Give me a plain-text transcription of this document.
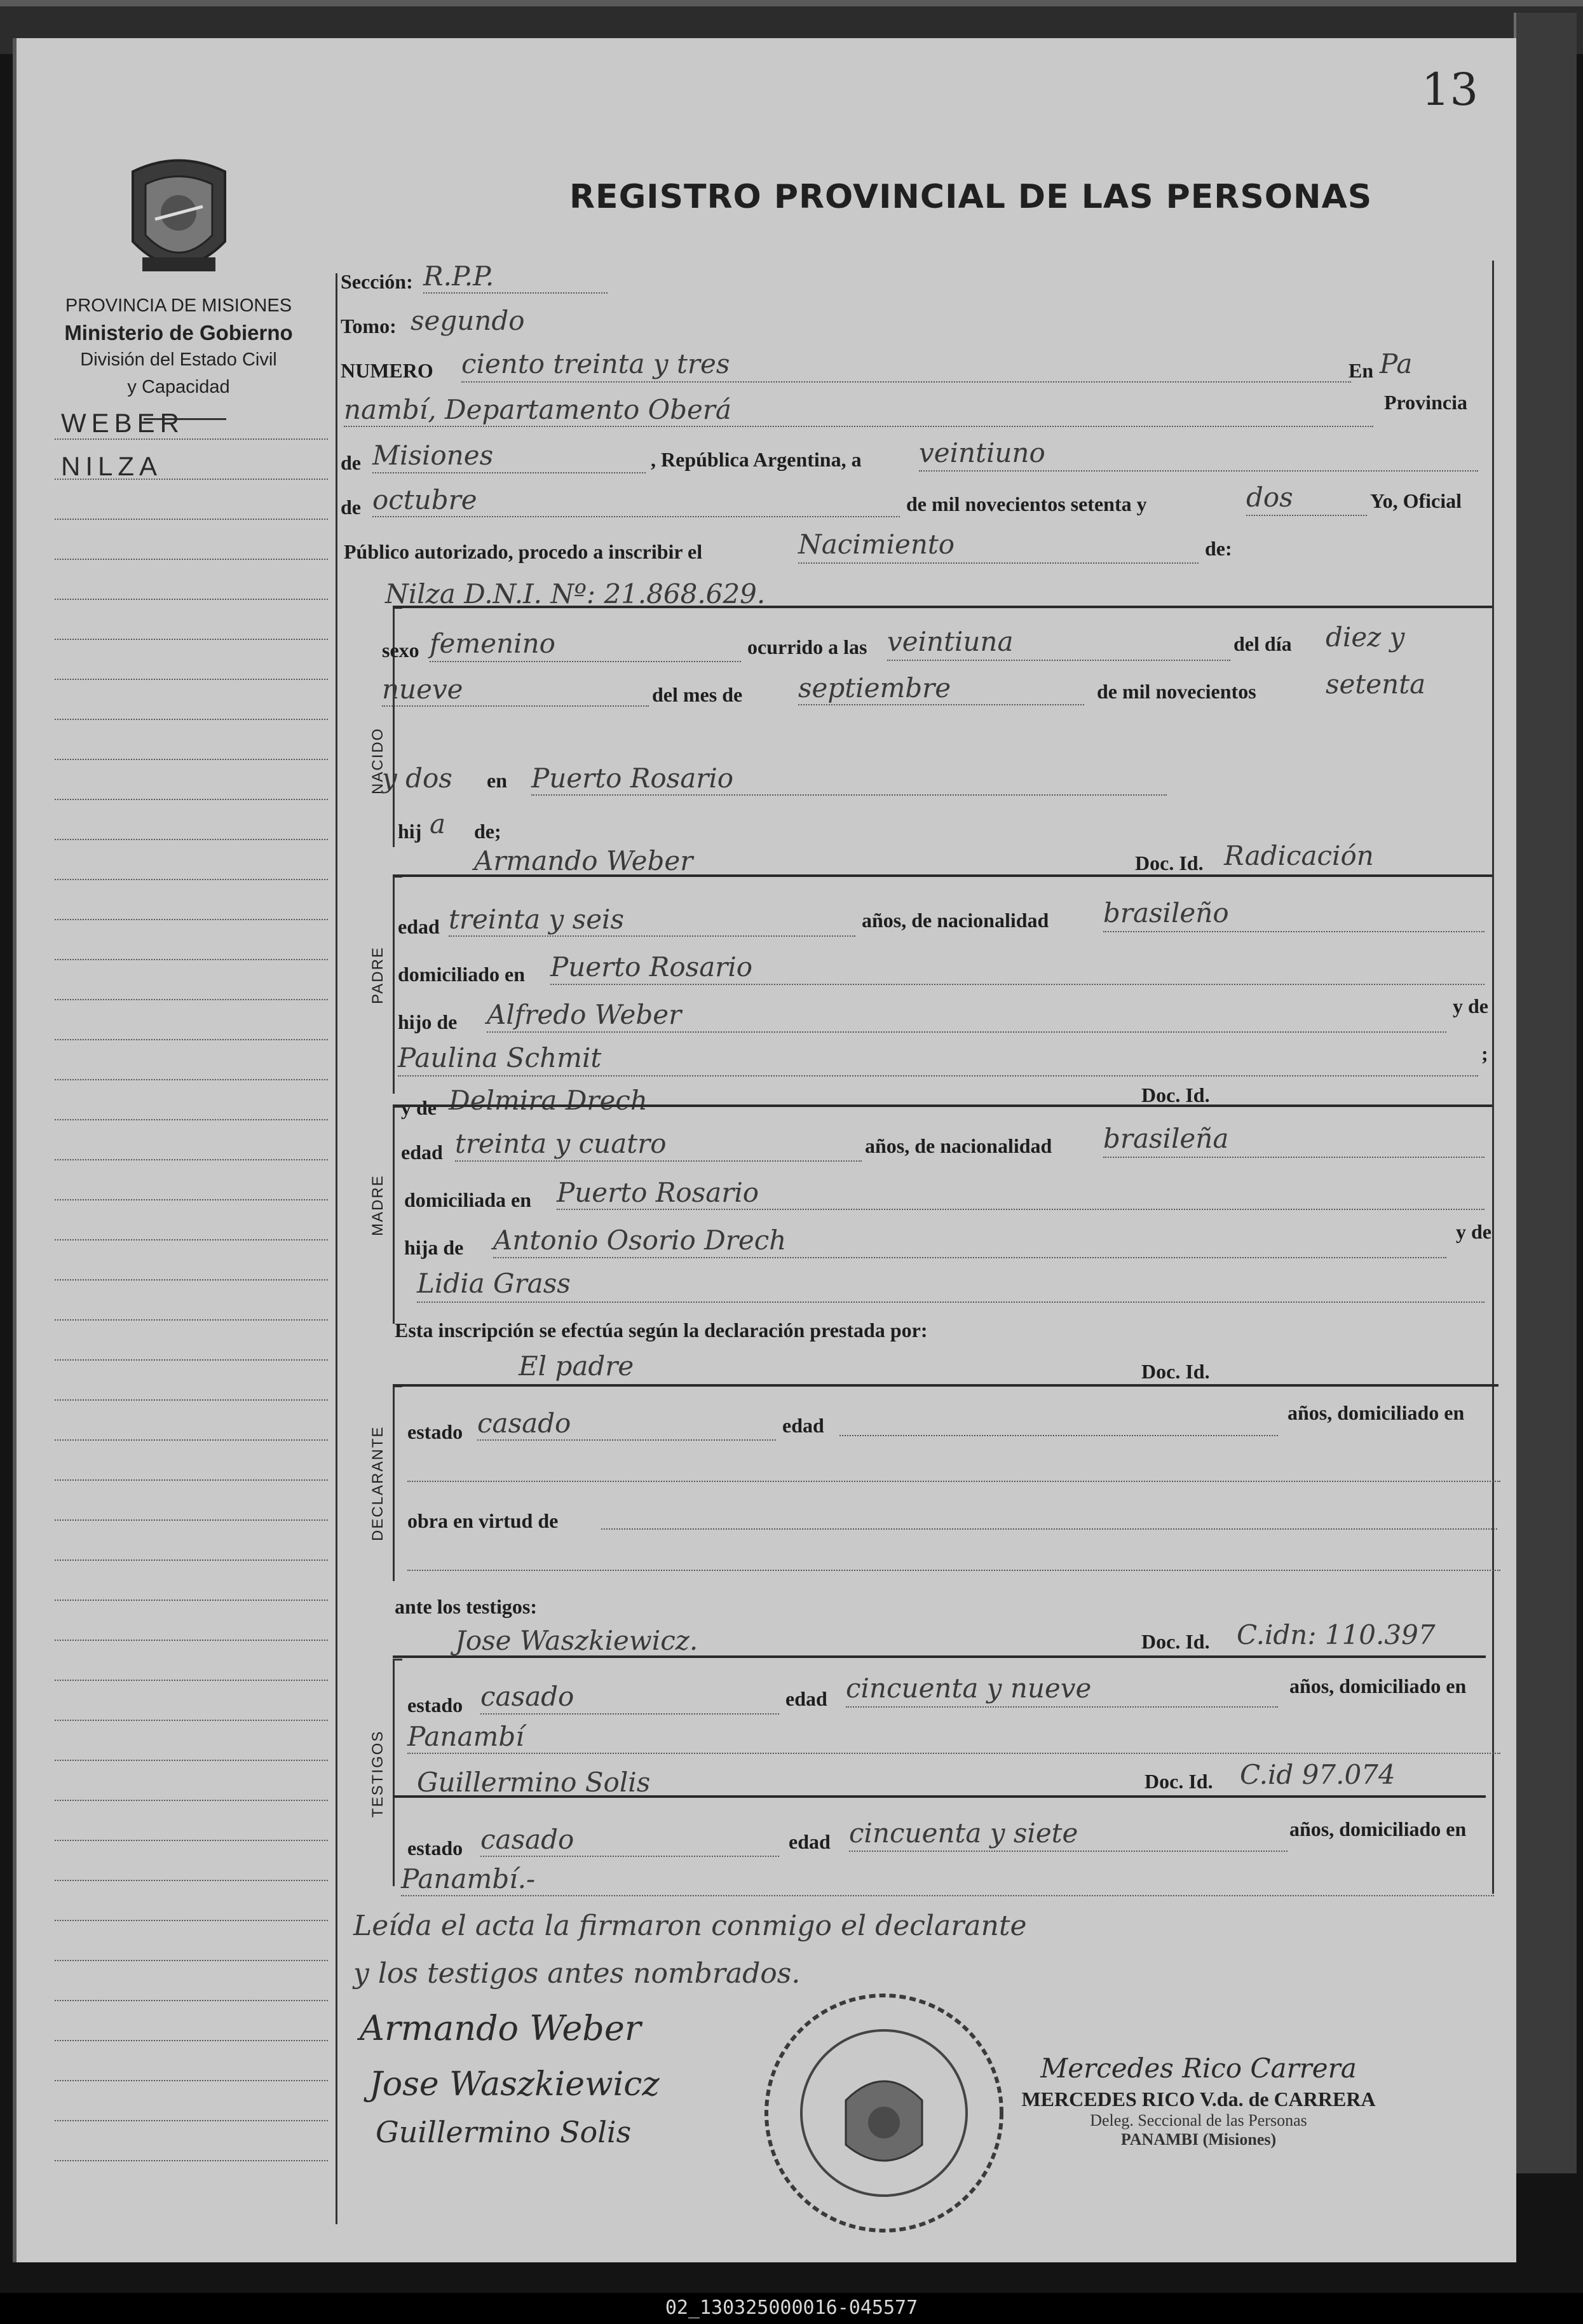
13
REGISTRO PROVINCIAL DE LAS PERSONAS
PROVINCIA DE MISIONES
Ministerio de Gobierno
División del Estado Civil
y Capacidad
WEBER
NILZA
Sección: R.P.P.
Tomo: segundo
NUMERO ciento treinta y tres	En Pa
nambí, Departamento Oberá	Provincia
de Misiones	, República Argentina, a veintiuno
de octubre	de mil novecientos setenta y	dos	Yo, Oficial
Público autorizado, procedo a inscribir el	Nacimiento	de:
NACIDO
Nilza D.N.I. Nº: 21.868.629.
sexo femenino	ocurrido a las veintiuna	del día diez y
nueve	del mes de septiembre	de mil novecientos	setenta
y dos en Puerto Rosario
hij a de;
PADRE
Armando Weber	Doc. Id. Radicación
edad treinta y seis	años, de nacionalidad brasileño
domiciliado en Puerto Rosario
hijo de Alfredo Weber	y de
Paulina Schmit	;
MADRE
y de Delmira Drech	Doc. Id.
edad treinta y cuatro	años, de nacionalidad brasileña
domiciliada en Puerto Rosario
hija de Antonio Osorio Drech	y de
Lidia Grass
Esta inscripción se efectúa según la declaración prestada por:
DECLARANTE
El padre	Doc. Id.
estado casado	edad
años, domiciliado en
obra en virtud de
ante los testigos:
TESTIGOS
Jose Waszkiewicz.	Doc. Id. C.idn: 110.397
estado casado	edad cincuenta y nueve	años, domiciliado en
Panambí
Guillermino Solis	Doc. Id. C.id 97.074
estado casado	edad cincuenta y siete	años, domiciliado en
Panambí.-
Leída el acta la firmaron conmigo el declarante
y los testigos antes nombrados.
Armando Weber
Jose Waszkiewicz
Guillermino Solis
Mercedes Rico Carrera
MERCEDES RICO V.da. de CARRERA
Deleg. Seccional de las Personas
PANAMBI (Misiones)
02_130325000016-045577
